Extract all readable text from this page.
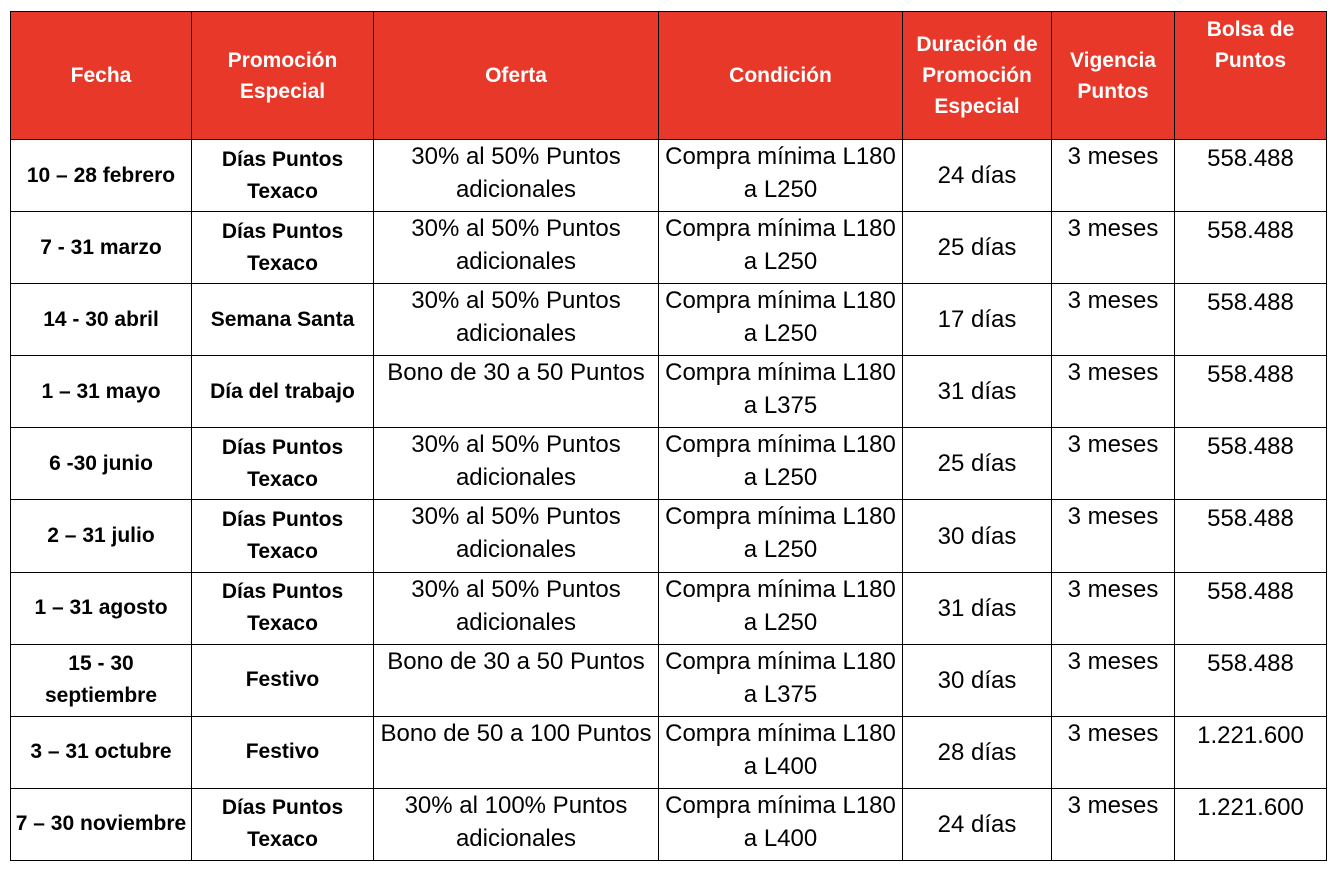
Fecha	Promoción Especial	Oferta	Condición	Duración de Promoción Especial	Vigencia Puntos	Bolsa de Puntos
10 – 28 febrero	Días Puntos Texaco	30% al 50% Puntos adicionales	Compra mínima L180 a L250	24 días	3 meses	558.488
7 - 31 marzo	Días Puntos Texaco	30% al 50% Puntos adicionales	Compra mínima L180 a L250	25 días	3 meses	558.488
14 - 30 abril	Semana Santa	30% al 50% Puntos adicionales	Compra mínima L180 a L250	17 días	3 meses	558.488
1 – 31 mayo	Día del trabajo	Bono de 30 a 50 Puntos	Compra mínima L180 a L375	31 días	3 meses	558.488
6 -30 junio	Días Puntos Texaco	30% al 50% Puntos adicionales	Compra mínima L180 a L250	25 días	3 meses	558.488
2 – 31 julio	Días Puntos Texaco	30% al 50% Puntos adicionales	Compra mínima L180 a L250	30 días	3 meses	558.488
1 – 31 agosto	Días Puntos Texaco	30% al 50% Puntos adicionales	Compra mínima L180 a L250	31 días	3 meses	558.488
15 - 30 septiembre	Festivo	Bono de 30 a 50 Puntos	Compra mínima L180 a L375	30 días	3 meses	558.488
3 – 31 octubre	Festivo	Bono de 50 a 100 Puntos	Compra mínima L180 a L400	28 días	3 meses	1.221.600
7 – 30 noviembre	Días Puntos Texaco	30% al 100% Puntos adicionales	Compra mínima L180 a L400	24 días	3 meses	1.221.600
